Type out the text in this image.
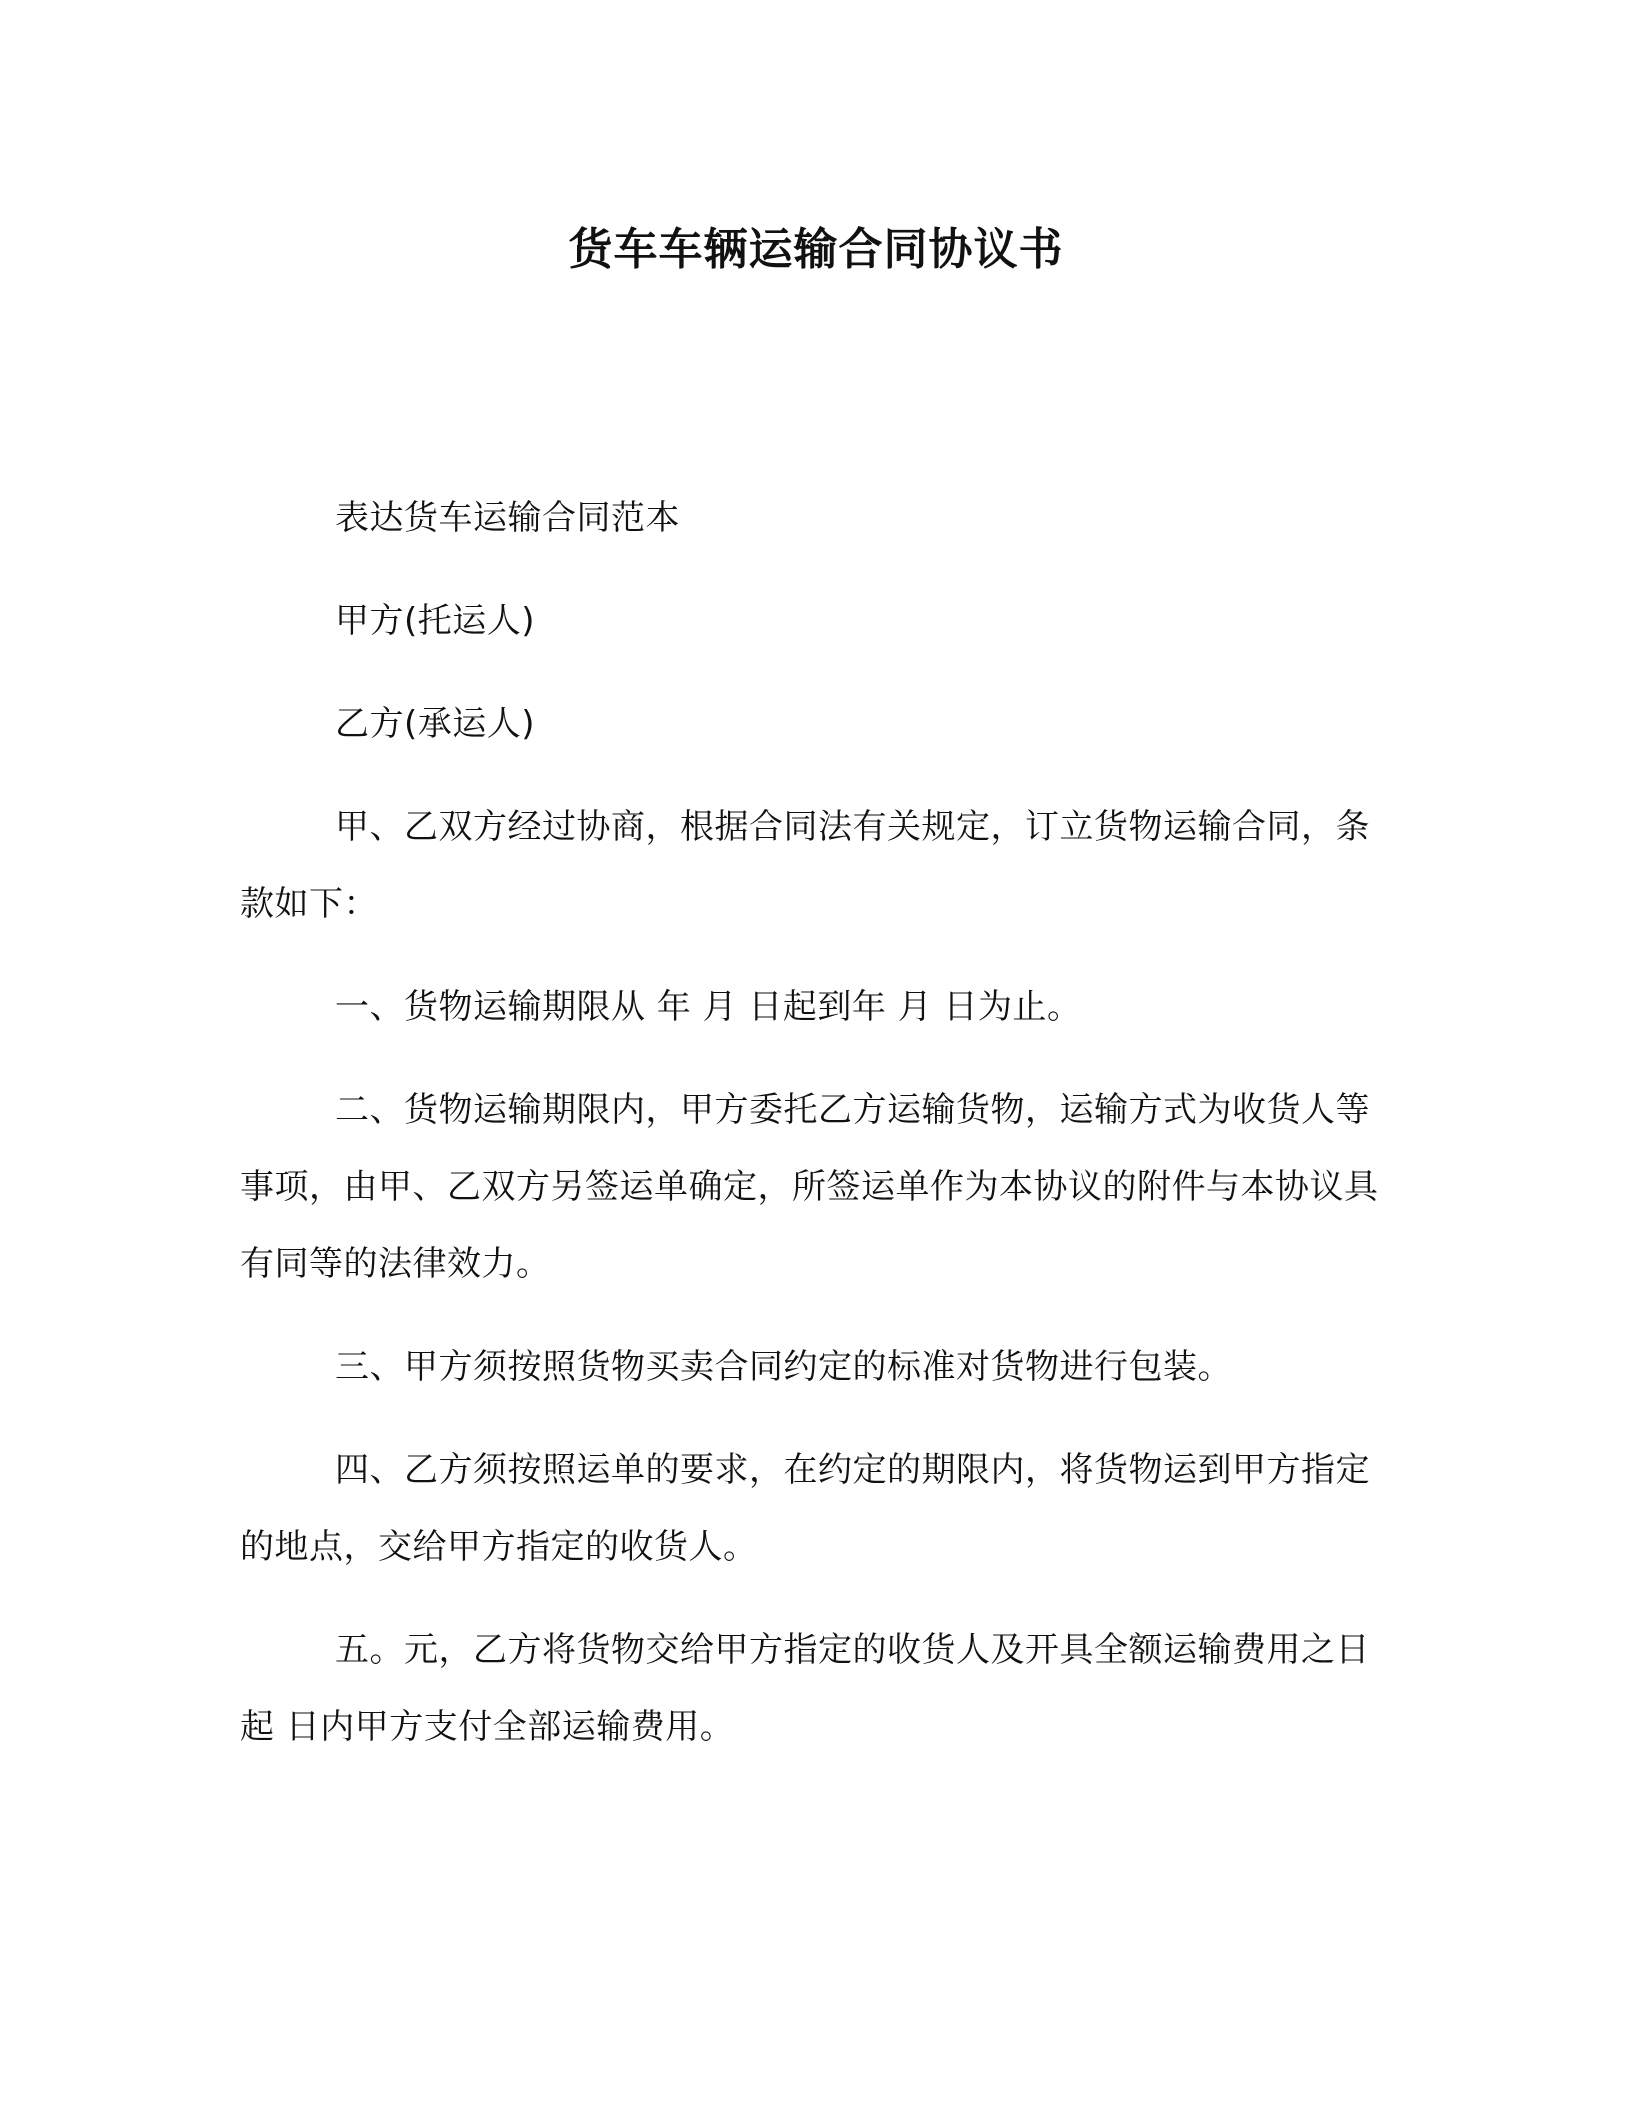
货车车辆运输合同协议书

表达货车运输合同范本

甲方(托运人)

乙方(承运人)

甲、乙双方经过协商，根据合同法有关规定，订立货物运输合同，条款如下：

一、货物运输期限从 年 月 日起到年 月 日为止。

二、货物运输期限内，甲方委托乙方运输货物，运输方式为收货人等事项，由甲、乙双方另签运单确定，所签运单作为本协议的附件与本协议具有同等的法律效力。

三、甲方须按照货物买卖合同约定的标准对货物进行包装。

四、乙方须按照运单的要求，在约定的期限内，将货物运到甲方指定的地点，交给甲方指定的收货人。

五。元，乙方将货物交给甲方指定的收货人及开具全额运输费用之日起 日内甲方支付全部运输费用。
